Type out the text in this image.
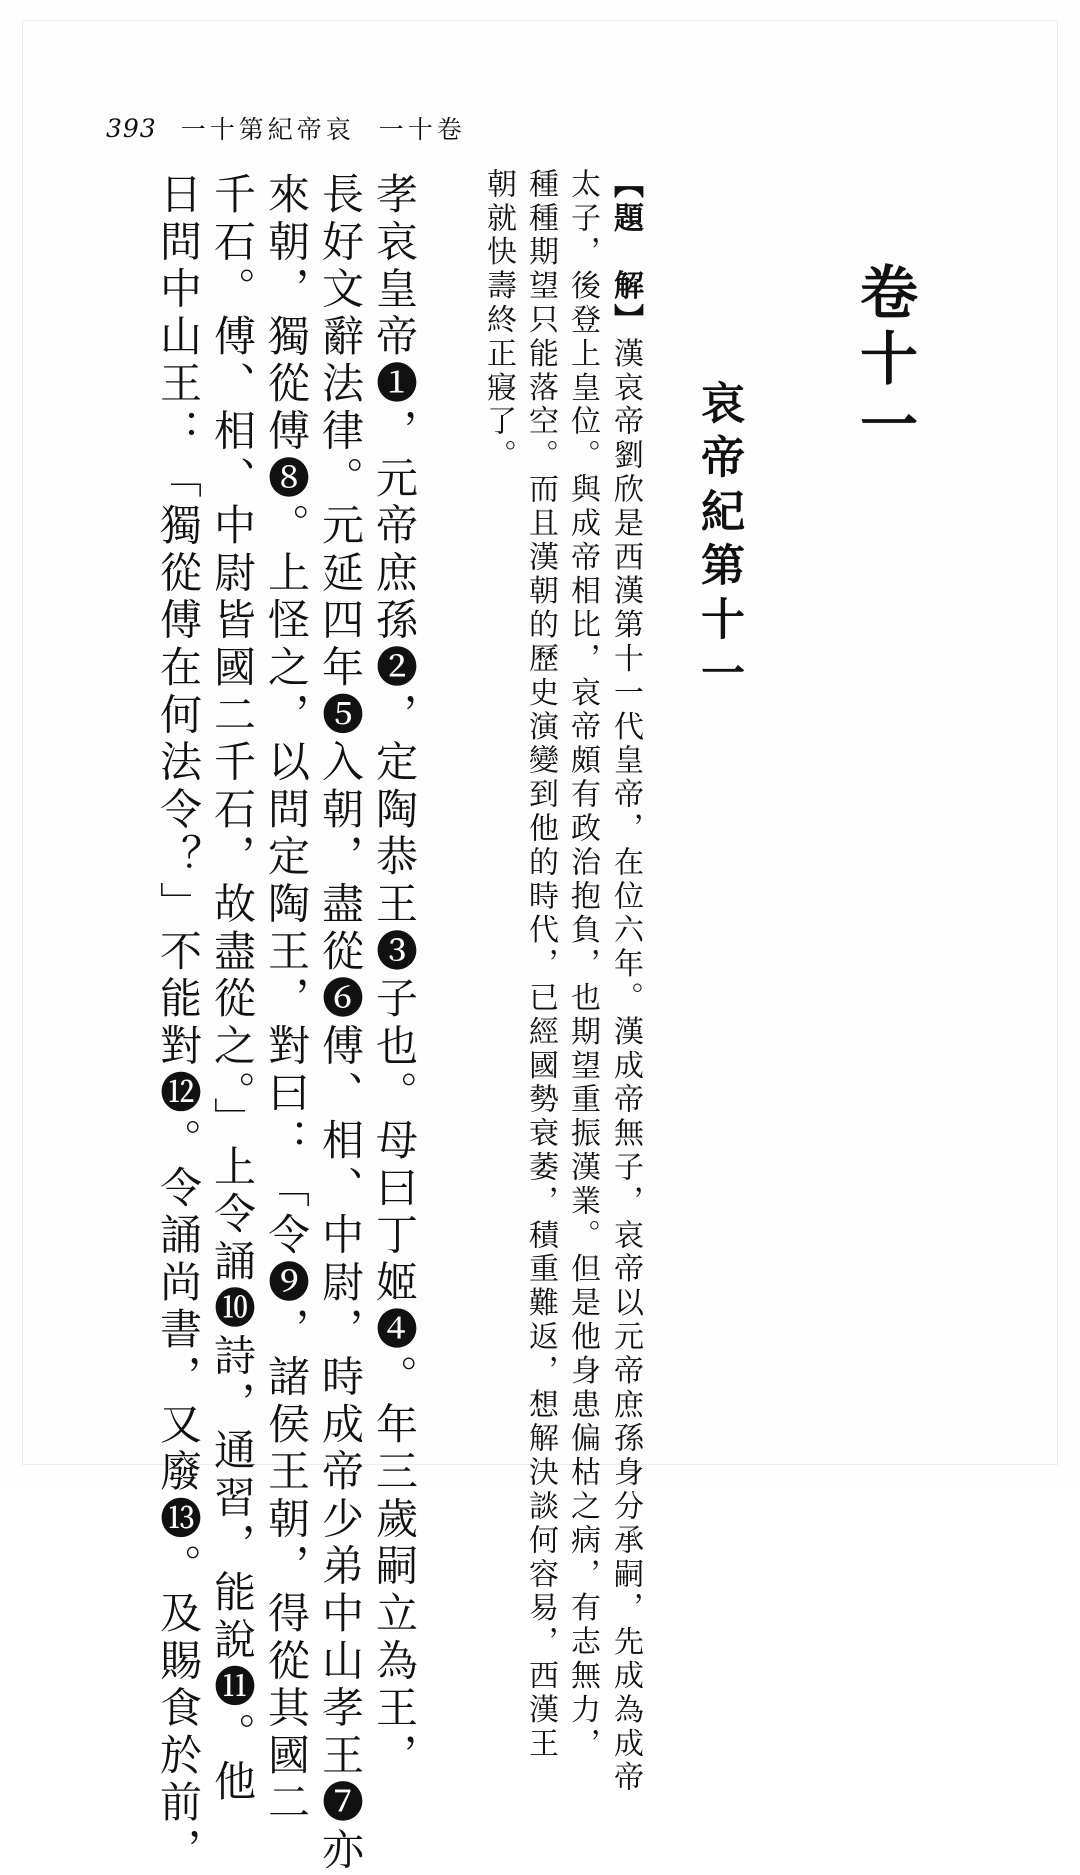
393 一十第紀帝哀 一十卷
卷十一
哀帝紀第十一
【題　解】漢哀帝劉欣是西漢第十一代皇帝，在位六年。漢成帝無子，哀帝以元帝庶孫身分承嗣，先成為成帝
太子，後登上皇位。與成帝相比，哀帝頗有政治抱負，也期望重振漢業。但是他身患偏枯之病，有志無力，
種種期望只能落空。而且漢朝的歷史演變到他的時代，已經國勢衰萎，積重難返，想解決談何容易，西漢王
朝就快壽終正寢了。
孝哀皇帝❶，元帝庶孫❷，定陶恭王❸子也。母曰丁姬❹。年三歲嗣立為王，
長好文辭法律。元延四年❺入朝，盡從❻傅、相、中尉，時成帝少弟中山孝王❼亦
來朝，獨從傅❽。上怪之，以問定陶王，對曰：「令❾，諸侯王朝，得從其國二
千石。傅、相、中尉皆國二千石，故盡從之。」上令誦❿詩，通習，能說⓫。他
日問中山王：「獨從傅在何法令？」不能對⓬。令誦尚書，又廢⓭。及賜食於前，
